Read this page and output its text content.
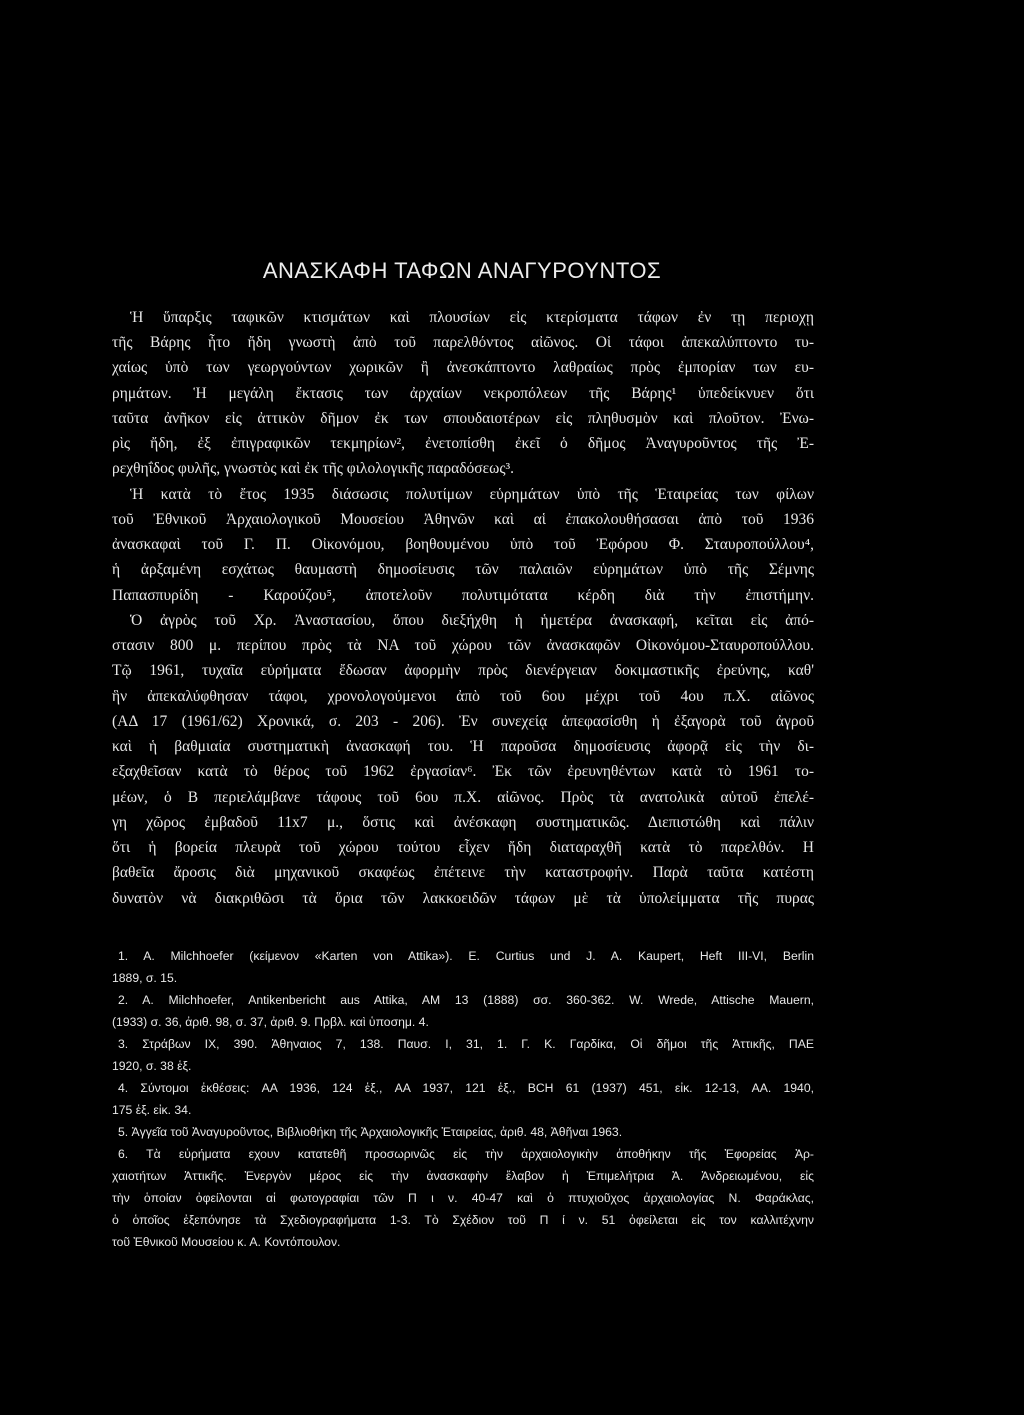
ΑΝΑΣΚΑΦΗ ΤΑΦΩΝ ΑΝΑΓΥΡΟΥΝΤΟΣ
Ἡ ὕπαρξις ταφικῶν κτισμάτων καὶ πλουσίων εἰς κτερίσματα τάφων ἐν τῃ περιοχῃ
τῆς Βάρης ἦτο ἤδη γνωστὴ ἀπὸ τοῦ παρελθόντος αἰῶνος. Οἱ τάφοι ἀπεκαλύπτοντο τυ-
χαίως ὑπὸ των γεωργούντων χωρικῶν ἢ ἀνεσκάπτοντο λαθραίως πρὸς ἐμπορίαν των ευ-
ρημάτων. Ἡ μεγάλη ἔκτασις των ἀρχαίων νεκροπόλεων τῆς Βάρης¹ ὑπεδείκνυεν ὅτι
ταῦτα ἀνῆκον εἰς ἀττικὸν δῆμον ἐκ των σπουδαιοτέρων εἰς πληθυσμὸν καὶ πλοῦτον. Ἐνω-
ρὶς ἤδη, ἐξ ἐπιγραφικῶν τεκμηρίων², ἐνετοπίσθη ἐκεῖ ὁ δῆμος Ἀναγυροῦντος τῆς Ἐ-
ρεχθηΐδος φυλῆς, γνωστὸς καὶ ἐκ τῆς φιλολογικῆς παραδόσεως³.
Ἡ κατὰ τὸ ἔτος 1935 διάσωσις πολυτίμων εὑρημάτων ὑπὸ τῆς Ἑταιρείας των φίλων
τοῦ Ἐθνικοῦ Ἀρχαιολογικοῦ Μουσείου Ἀθηνῶν καὶ αἱ ἐπακολουθήσασαι ἀπὸ τοῦ 1936
ἀνασκαφαὶ τοῦ Γ. Π. Οἰκονόμου, βοηθουμένου ὑπὸ τοῦ Ἐφόρου Φ. Σταυροπούλλου⁴,
ἡ ἀρξαμένη εσχάτως θαυμαστὴ δημοσίευσις τῶν παλαιῶν εὑρημάτων ὑπὸ τῆς Σέμνης
Παπασπυρίδη - Καρούζου⁵, ἀποτελοῦν πολυτιμότατα κέρδη διὰ τὴν ἐπιστήμην.
Ὁ ἀγρὸς τοῦ Χρ. Ἀναστασίου, ὅπου διεξήχθη ἡ ἡμετέρα ἀνασκαφή, κεῖται εἰς ἀπό-
στασιν 800 μ. περίπου πρὸς τὰ ΝΑ τοῦ χώρου τῶν ἀνασκαφῶν Οἰκονόμου-Σταυροπούλλου.
Τῷ 1961, τυχαῖα εὑρήματα ἔδωσαν ἀφορμὴν πρὸς διενέργειαν δοκιμαστικῆς ἐρεύνης, καθ'
ἣν ἀπεκαλύφθησαν τάφοι, χρονολογούμενοι ἀπὸ τοῦ 6ου μέχρι τοῦ 4ου π.Χ. αἰῶνος
(ΑΔ 17 (1961/62) Χρονικά, σ. 203 - 206). Ἐν συνεχείᾳ ἀπεφασίσθη ἡ ἐξαγορὰ τοῦ ἀγροῦ
καὶ ἡ βαθμιαία συστηματικὴ ἀνασκαφή του. Ἡ παροῦσα δημοσίευσις ἀφορᾷ εἰς τὴν δι-
εξαχθεῖσαν κατὰ τὸ θέρος τοῦ 1962 ἐργασίαν⁶. Ἐκ τῶν ἐρευνηθέντων κατὰ τὸ 1961 το-
μέων, ὁ Β περιελάμβανε τάφους τοῦ 6ου π.Χ. αἰῶνος. Πρὸς τὰ ανατολικὰ αὐτοῦ ἐπελέ-
γη χῶρος ἐμβαδοῦ 11x7 μ., ὅστις καὶ ἀνέσκαφη συστηματικῶς. Διεπιστώθη καὶ πάλιν
ὅτι ἡ βορεία πλευρὰ τοῦ χώρου τούτου εἶχεν ἤδη διαταραχθῆ κατὰ τὸ παρελθόν. Η
βαθεῖα ἄροσις διὰ μηχανικοῦ σκαφέως ἐπέτεινε τὴν καταστροφήν. Παρὰ ταῦτα κατέστη
δυνατὸν νὰ διακριθῶσι τὰ ὅρια τῶν λακκοειδῶν τάφων μὲ τὰ ὑπολείμματα τῆς πυρας
1. A. Milchhoefer (κείμενον «Karten von Attika»). E. Curtius und J. A. Kaupert, Heft III-VI, Berlin
1889, σ. 15.
2. A. Milchhoefer, Antikenbericht aus Attika, AM 13 (1888) σσ. 360-362. W. Wrede, Attische Mauern,
(1933) σ. 36, ἀριθ. 98, σ. 37, ἀριθ. 9. Πρβλ. καὶ ὑποσημ. 4.
3. Στράβων IX, 390. Ἀθηναιος 7, 138. Παυσ. I, 31, 1. Γ. Κ. Γαρδίκα, Οἱ δῆμοι τῆς Ἀττικῆς, ΠΑΕ
1920, σ. 38 ἑξ.
4. Σύντομοι ἐκθέσεις: AA 1936, 124 ἑξ., AA 1937, 121 ἑξ., BCH 61 (1937) 451, εἰκ. 12-13, AA. 1940,
175 ἑξ. εἰκ. 34.
5. Ἀγγεῖα τοῦ Ἀναγυροῦντος, Βιβλιοθήκη τῆς Ἀρχαιολογικῆς Ἑταιρείας, ἀριθ. 48, Ἀθῆναι 1963.
6. Τὰ εὑρήματα εχουν κατατεθῆ προσωρινῶς εἰς τὴν ἀρχαιολογικὴν ἀποθήκην τῆς Ἐφορείας Ἀρ-
χαιοτήτων Ἀττικῆς. Ἐνεργὸν μέρος εἰς τὴν ἀνασκαφὴν ἔλαβον ἡ Ἐπιμελήτρια Ἀ. Ἀνδρειωμένου, εἰς
τὴν ὁποίαν ὀφείλονται αἱ φωτογραφίαι τῶν Π ι ν. 40-47 καὶ ὁ πτυχιοῦχος ἀρχαιολογίας Ν. Φαράκλας,
ὁ ὁποῖος ἐξεπόνησε τὰ Σχεδιογραφήματα 1-3. Τὸ Σχέδιον τοῦ Π ί ν. 51 ὀφείλεται εἰς τον καλλιτέχνην
τοῦ Ἐθνικοῦ Μουσείου κ. Α. Κοντόπουλον.
